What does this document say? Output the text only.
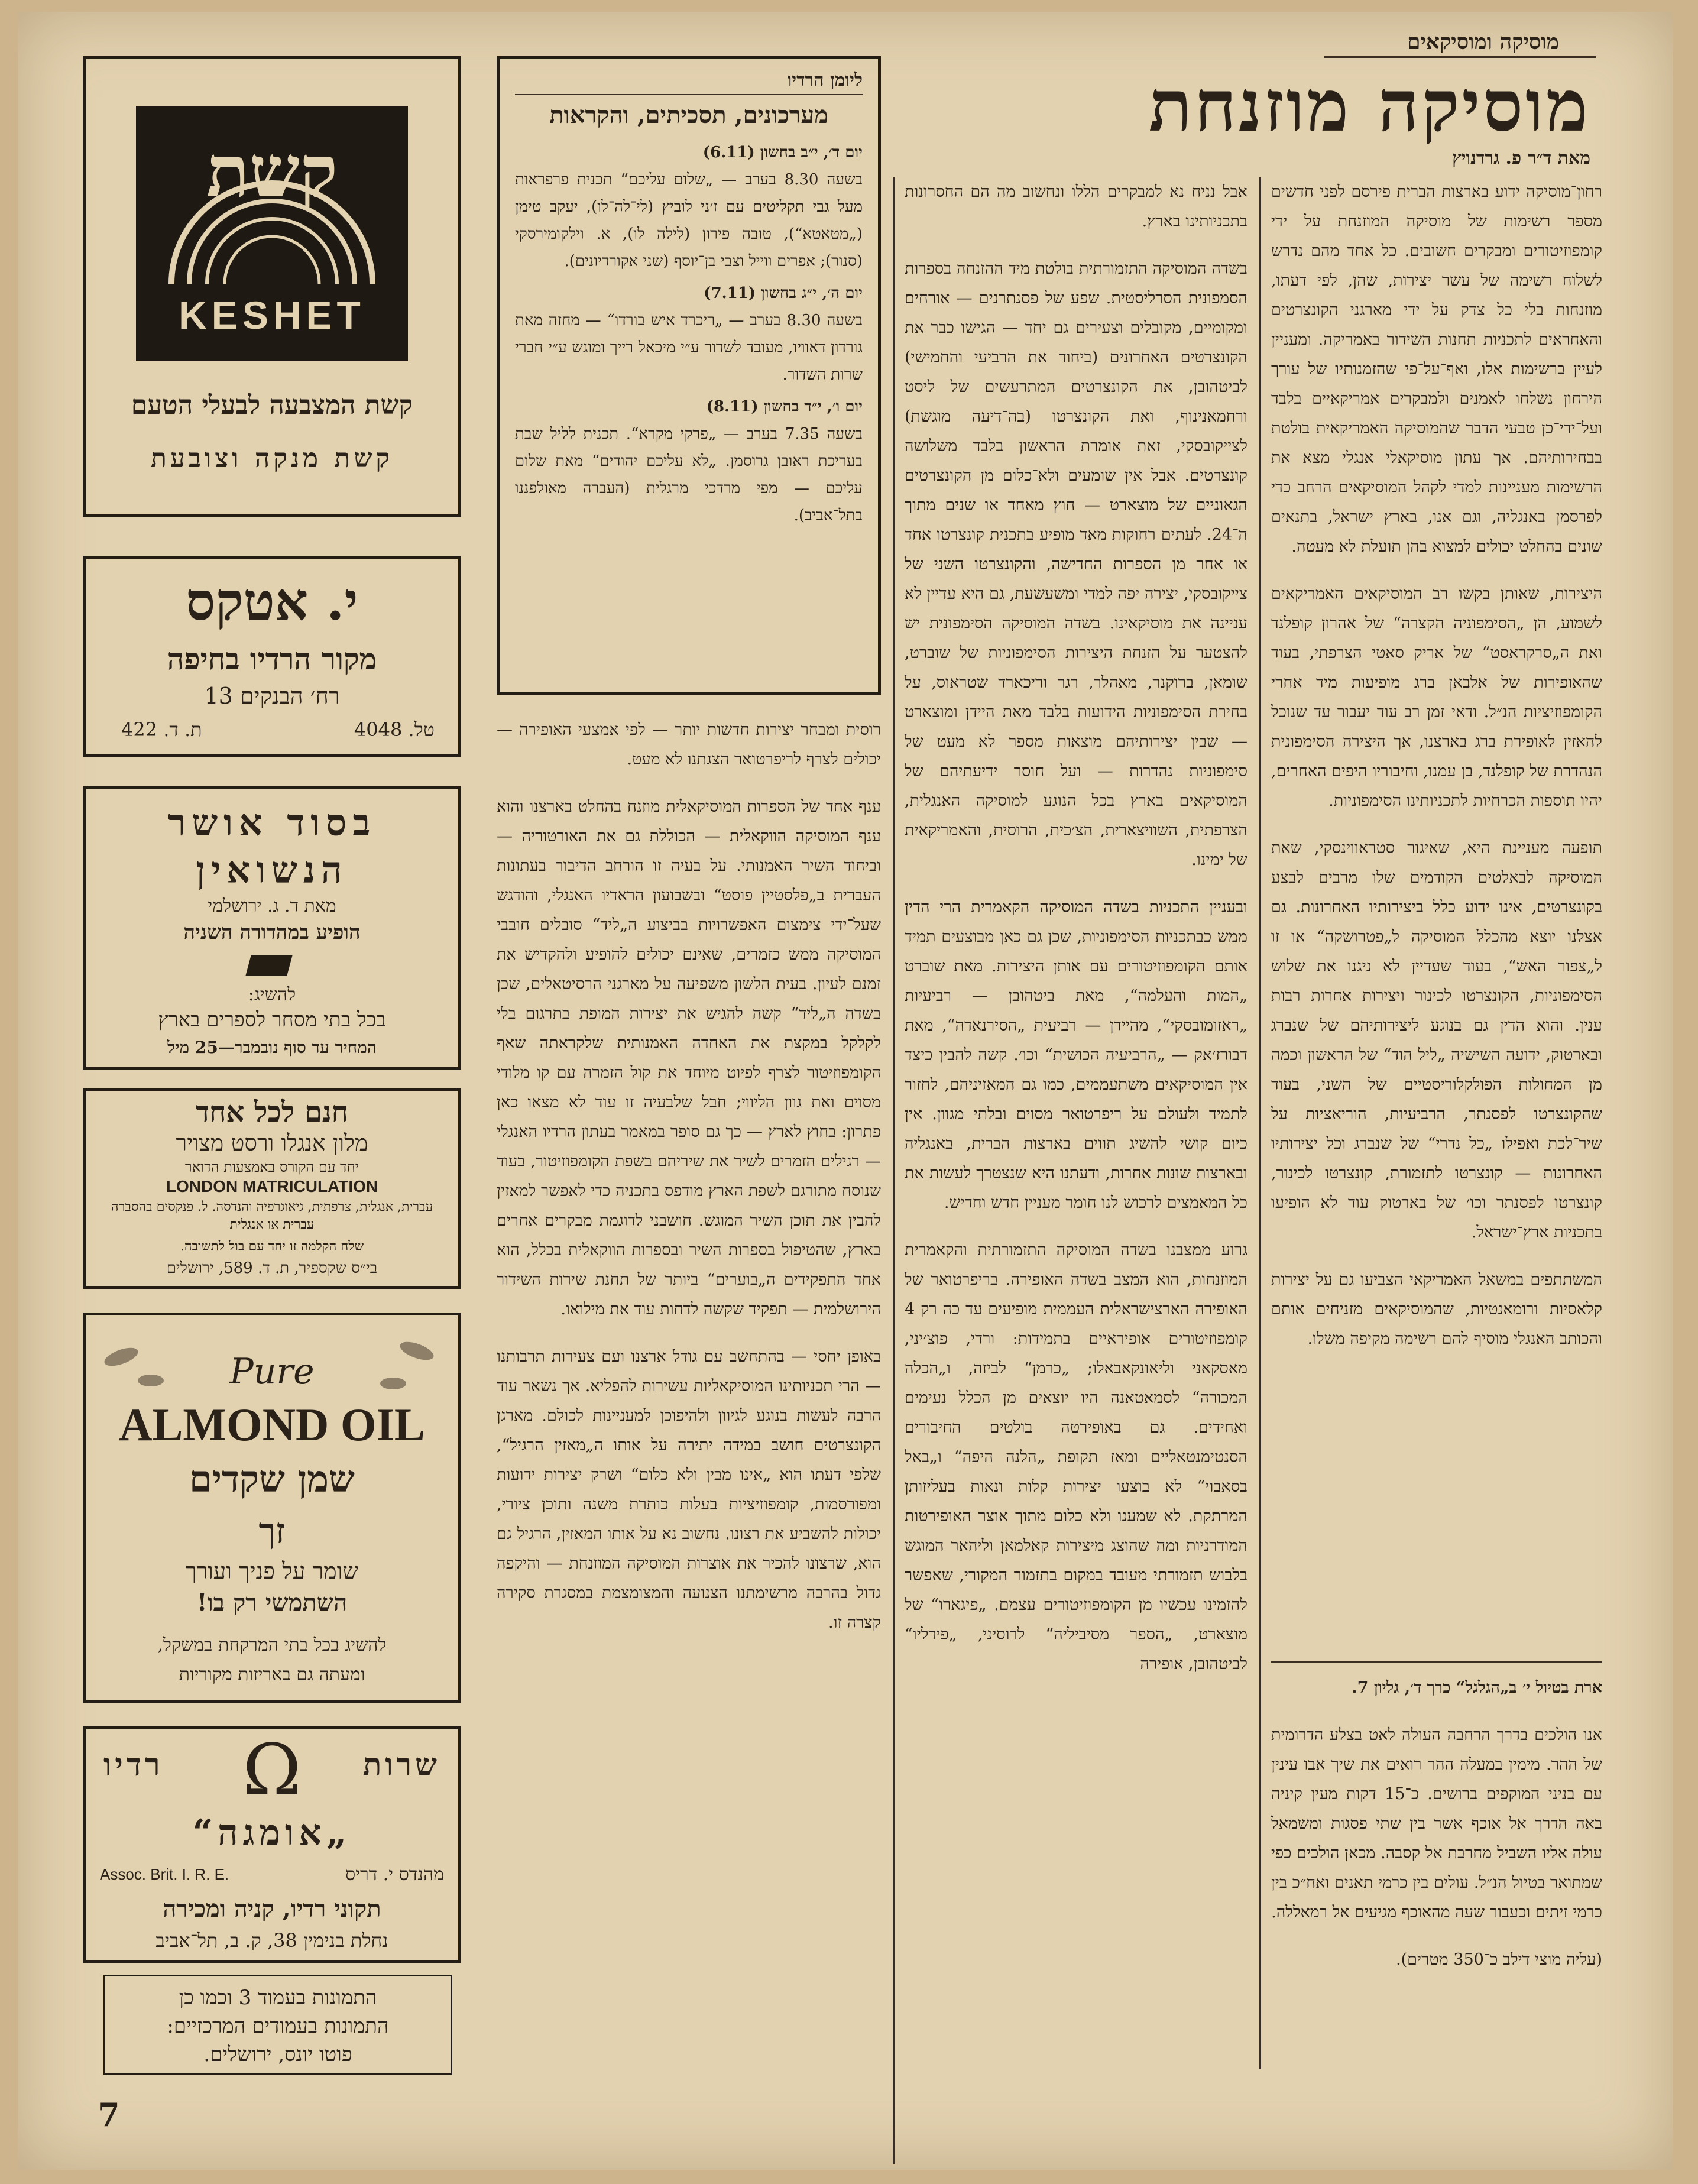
מוסיקה ומוסיקאים
מוסיקה מוזנחת
מאת ד״ר פ. גרדנויץ

רחון־מוסיקה ידוע בארצות הברית פירסם לפני חדשים מספר רשימות של מוסיקה המוזנחת על ידי קומפוזיטורים ומבקרים חשובים. כל אחד מהם נדרש לשלוח רשימה של עשר יצירות, שהן, לפי דעתו, מוזנחות בלי כל צדק על ידי מארגני הקונצרטים והאחראים לתכניות תחנות השידור באמריקה. ומעניין לעיין ברשימות אלו, ואף־על־פי שהזמנותיו של עורך הירחון נשלחו לאמנים ולמבקרים אמריקאיים בלבד ועל־ידי־כן טבעי הדבר שהמוסיקה האמריקאית בולטת בבחירותיהם. אך עתון מוסיקאלי אנגלי מצא את הרשימות מעניינות למדי לקהל המוסיקאים הרחב כדי לפרסמן באנגליה, וגם אנו, בארץ ישראל, בתנאים שונים בהחלט יכולים למצוא בהן תועלת לא מעטה.

היצירות, שאותן בקשו רב המוסיקאים האמריקאים לשמוע, הן „הסימפוניה הקצרה“ של אהרון קופלנד ואת ה„סרקראסט“ של אריק סאטי הצרפתי, בעוד שהאופירות של אלבאן ברג מופיעות מיד אחרי הקומפוזיציות הנ״ל. ודאי זמן רב עוד יעבור עד שנוכל להאזין לאופירת ברג בארצנו, אך היצירה הסימפונית הנהדרת של קופלנד, בן עמנו, וחיבוריו היפים האחרים, יהיו תוספות הכרחיות לתכניותינו הסימפוניות.

תופעה מעניינת היא, שאיגור סטראווינסקי, שאת המוסיקה לבאלטים הקודמים שלו מרבים לבצע בקונצרטים, אינו ידוע כלל ביצירותיו האחרונות. גם אצלנו יוצא מהכלל המוסיקה ל„פטרושקה“ או זו ל„צפור האש“, בעוד שעדיין לא ניגנו את שלוש הסימפוניות, הקונצרטו לכינור ויצירות אחרות רבות ענין. והוא הדין גם בנוגע ליצירותיהם של שנברג ובארטוק, ידועה השישיה „ליל הוד“ של הראשון וכמה מן המחולות הפולקלוריסטיים של השני, בעוד שהקונצרטו לפסנתר, הרביעיות, הוריאציות על שיר־לכת ואפילו „כל נדרי“ של שנברג וכל יצירותיו האחרונות — קונצרטו לתזמורת, קונצרטו לכינור, קונצרטו לפסנתר וכו׳ של בארטוק עוד לא הופיעו בתכניות ארץ־ישראל.

המשתתפים במשאל האמריקאי הצביעו גם על יצירות קלאסיות ורומאנטיות, שהמוסיקאים מזניחים אותם והכותב האנגלי מוסיף להם רשימה מקיפה משלו.

ארת בטיול י׳ ב„הגלגל“ כרך ד׳, גליון 7.

אנו הולכים בדרך הרחבה העולה לאט בצלע הדרומית של ההר. מימין במעלה ההר רואים את שיך אבו עינין עם בניני המוקפים ברושים. כ־15 דקות מעין קיניה באה הדרך אל אוכף אשר בין שתי פסגות ומשמאל עולה אליו השביל מחרבת אל קסבה. מכאן הולכים כפי שמתואר בטיול הנ״ל. עולים בין כרמי תאנים ואח״כ בין כרמי זיתים וכעבור שעה מהאוכף מגיעים אל רמאללה.

(עליה מוצי דילב כ־350 מטרים).

אבל נניח נא למבקרים הללו ונחשוב מה הם החסרונות בתכניותינו בארץ.

בשדה המוסיקה התזמורתית בולטת מיד ההזנחה בספרות הסמפונית הסרליסטית. שפע של פסנתרנים — אורחים ומקומיים, מקובלים וצעירים גם יחד — הגישו כבר את הקונצרטים האחרונים (ביחוד את הרביעי והחמישי) לביטהובן, את הקונצרטים המתרעשים של ליסט ורחמאנינוף, ואת הקונצרטו (בה־דיעה מוגשת) לצייקובסקי, זאת אומרת הראשון בלבד משלושה קונצרטים. אבל אין שומעים ולא־כלום מן הקונצרטים הגאוניים של מוצארט — חוץ מאחד או שנים מתוך ה־24. לעתים רחוקות מאד מופיע בתכנית קונצרטו אחד או אחר מן הספרות החדישה, והקונצרטו השני של צייקובסקי, יצירה יפה למדי ומשעשעת, גם היא עדיין לא עניינה את מוסיקאינו. בשדה המוסיקה הסימפונית יש להצטער על הזנחת היצירות הסימפוניות של שוברט, שומאן, ברוקנר, מאהלר, רגר וריכארד שטראוס, על בחירת הסימפוניות הידועות בלבד מאת היידן ומוצארט — שבין יצירותיהם מוצאות מספר לא מעט של סימפוניות נהדרות — ועל חוסר ידיעתיהם של המוסיקאים בארץ בכל הנוגע למוסיקה האנגלית, הצרפתית, השוויצארית, הצ׳כית, הרוסית, והאמריקאית של ימינו.

ובעניין התכניות בשדה המוסיקה הקאמרית הרי הדין ממש כבתכניות הסימפוניות, שכן גם כאן מבוצעים תמיד אותם הקומפוזיטורים עם אותן היצירות. מאת שוברט „המות והעלמה“, מאת ביטהובן — רביעיות „ראזומובסקי“, מהיידן — רביעית „הסירנאדה“, מאת דבורז׳אק — „הרביעיה הכושית“ וכו׳. קשה להבין כיצד אין המוסיקאים משתעממים, כמו גם המאזיניהם, לחזור לתמיד ולעולם על ריפרטואר מסוים ובלתי מגוון. אין כיום קושי להשיג תווים בארצות הברית, באנגליה ובארצות שונות אחרות, ודעתנו היא שנצטרך לעשות את כל המאמצים לרכוש לנו חומר מעניין חדש וחדיש.

גרוע ממצבנו בשדה המוסיקה התזמורתית והקאמרית המוזנחות, הוא המצב בשדה האופירה. בריפרטואר של האופירה הארצישראלית העממית מופיעים עד כה רק 4 קומפוזיטורים אופיראיים בתמידות: ורדי, פוצ׳יני, מאסקאני וליאונקאבאלו; „כרמן“ לביזה, ו„הכלה המכורה“ לסמאטאנה היו יוצאים מן הכלל נעימים ואחידים. גם באופירטה בולטים החיבורים הסנטימנטאליים ומאז תקופת „הלנה היפה“ ו„באל בסאבוי“ לא בוצעו יצירות קלות ונאות בעליזותן המרתקת. לא שמענו ולא כלום מתוך אוצר האופירטות המודרניות ומה שהוצג מיצירות קאלמאן וליהאר המוגש בלבוש תזמורתי מעובד במקום בתזמור המקורי, שאפשר להזמינו עכשיו מן הקומפוזיטורים עצמם. „פיגארו“ של מוצארט, „הספר מסיביליה“ לרוסיני, „פידליו“ לביטהובן, אופירה

ליומן הרדיו
מערכונים, תסכיתים, והקראות

יום ד׳, י״ב בחשון (6.11)

בשעה 8.30 בערב — „שלום עליכם“ תכנית פרפראות מעל גבי תקליטים עם ז׳ני לוביץ (לי־לה־לו), יעקב טימן („מטאטא“), טובה פירון (לילה לו), א. וילקומירסקי (סנור); אפרים ווייל וצבי בן־יוסף (שני אקורדיונים).

יום ה׳, י״ג בחשון (7.11)

בשעה 8.30 בערב — „ריכרד איש בורדו“ — מחזה מאת גורדון דאוויו, מעובד לשדור ע״י מיכאל רייך ומוגש ע״י חברי שרות השדור.

יום ו׳, י״ד בחשון (8.11)

בשעה 7.35 בערב — „פרקי מקרא“. תכנית לליל שבת בעריכת ראובן גרוסמן. „לא עליכם יהודים“ מאת שלום עליכם — מפי מרדכי מרגלית (העברה מאולפננו בתל־אביב).

רוסית ומבחר יצירות חדשות יותר — לפי אמצעי האופירה — יכולים לצרף לריפרטואר הצגתנו לא מעט.

ענף אחד של הספרות המוסיקאלית מוזנח בהחלט בארצנו והוא ענף המוסיקה הווקאלית — הכוללת גם את האורטוריה — וביחוד השיר האמנותי. על בעיה זו הורחב הדיבור בעתונות העברית ב„פלסטיין פוסט“ ובשבועון הראדיו האנגלי, והודגש שעל־ידי צימצום האפשרויות בביצוע ה„ליד“ סובלים חובבי המוסיקה ממש כזמרים, שאינם יכולים להופיע ולהקדיש את זמנם לעיון. בעית הלשון משפיעה על מארגני הרסיטאלים, שכן בשדה ה„ליד“ קשה להגיש את יצירות המופת בתרגום בלי לקלקל במקצת את האחדה האמנותית שלקראתה שאף הקומפוזיטור לצרף לפיוט מיוחד את קול הזמרה עם קו מלודי מסוים ואת גוון הליווי; חבל שלבעיה זו עוד לא מצאו כאן פתרון: בחוץ לארץ — כך גם סופר במאמר בעתון הרדיו האנגלי — רגילים הזמרים לשיר את שיריהם בשפת הקומפוזיטור, בעוד שנוסח מתורגם לשפת הארץ מודפס בתכניה כדי לאפשר למאזין להבין את תוכן השיר המוגש. חושבני לדוגמת מבקרים אחרים בארץ, שהטיפול בספרות השיר ובספרות הווקאלית בכלל, הוא אחד התפקידים ה„בוערים“ ביותר של תחנת שירות השידור הירושלמית — תפקיד שקשה לדחות עוד את מילואו.

באופן יחסי — בהתחשב עם גודל ארצנו ועם צעירות תרבותנו — הרי תכניותינו המוסיקאליות עשירות להפליא. אך נשאר עוד הרבה לעשות בנוגע לגיוון ולהיפוכן למעניינות לכולם. מארגן הקונצרטים חושב במידה יתירה על אותו ה„מאזין הרגיל“, שלפי דעתו הוא „אינו מבין ולא כלום“ ושרק יצירות ידועות ומפורסמות, קומפוזיציות בעלות כותרת משנה ותוכן ציורי, יכולות להשביע את רצונו. נחשוב נא על אותו המאזין, הרגיל גם הוא, שרצונו להכיר את אוצרות המוסיקה המוזנחת — והיקפה גדול בהרבה מרשימתנו הצנועה והמצומצמת במסגרת סקירה קצרה זו.

קשת
KESHET
קשת המצבעה לבעלי הטעם
קשת מנקה וצובעת
י. אטקס
מקור הרדיו בחיפה
רח׳ הבנקים 13
טל. 4048
ת. ד. 422
בסוד אושר
הנשואין
מאת ד. ג. ירושלמי
הופיע במהדורה השניה
להשיג:
בכל בתי מסחר לספרים בארץ
המחיר עד סוף נובמבר—25 מיל
חנם לכל אחד
מלון אנגלו ורסט מצויר
יחד עם הקורס באמצעות הדואר
LONDON MATRICULATION
עברית, אנגלית, צרפתית, גיאוגרפיה והנדסה. ל. פנקסים בהסברה עברית או אנגלית
שלח הקלמה זו יחד עם בול לתשובה.
בי״ס שקספיר, ת. ד. 589, ירושלים
Pure
ALMOND OIL
שמן שקדים
זך
שומר על פניך ועורך
השתמשי רק בו!
להשיג בכל בתי המרקחת במשקל,
ומעתה גם באריזות מקוריות
שרות
Ω
רדיו
„אומגה“
Assoc. Brit. I. R. E.	מהנדס י. דריס
תקוני רדיו, קניה ומכירה
נחלת בנימין 38, ק. ב, תל־אביב
התמונות בעמוד 3 וכמו כן
התמונות בעמודים המרכזיים:
פוטו יונס, ירושלים.
7
